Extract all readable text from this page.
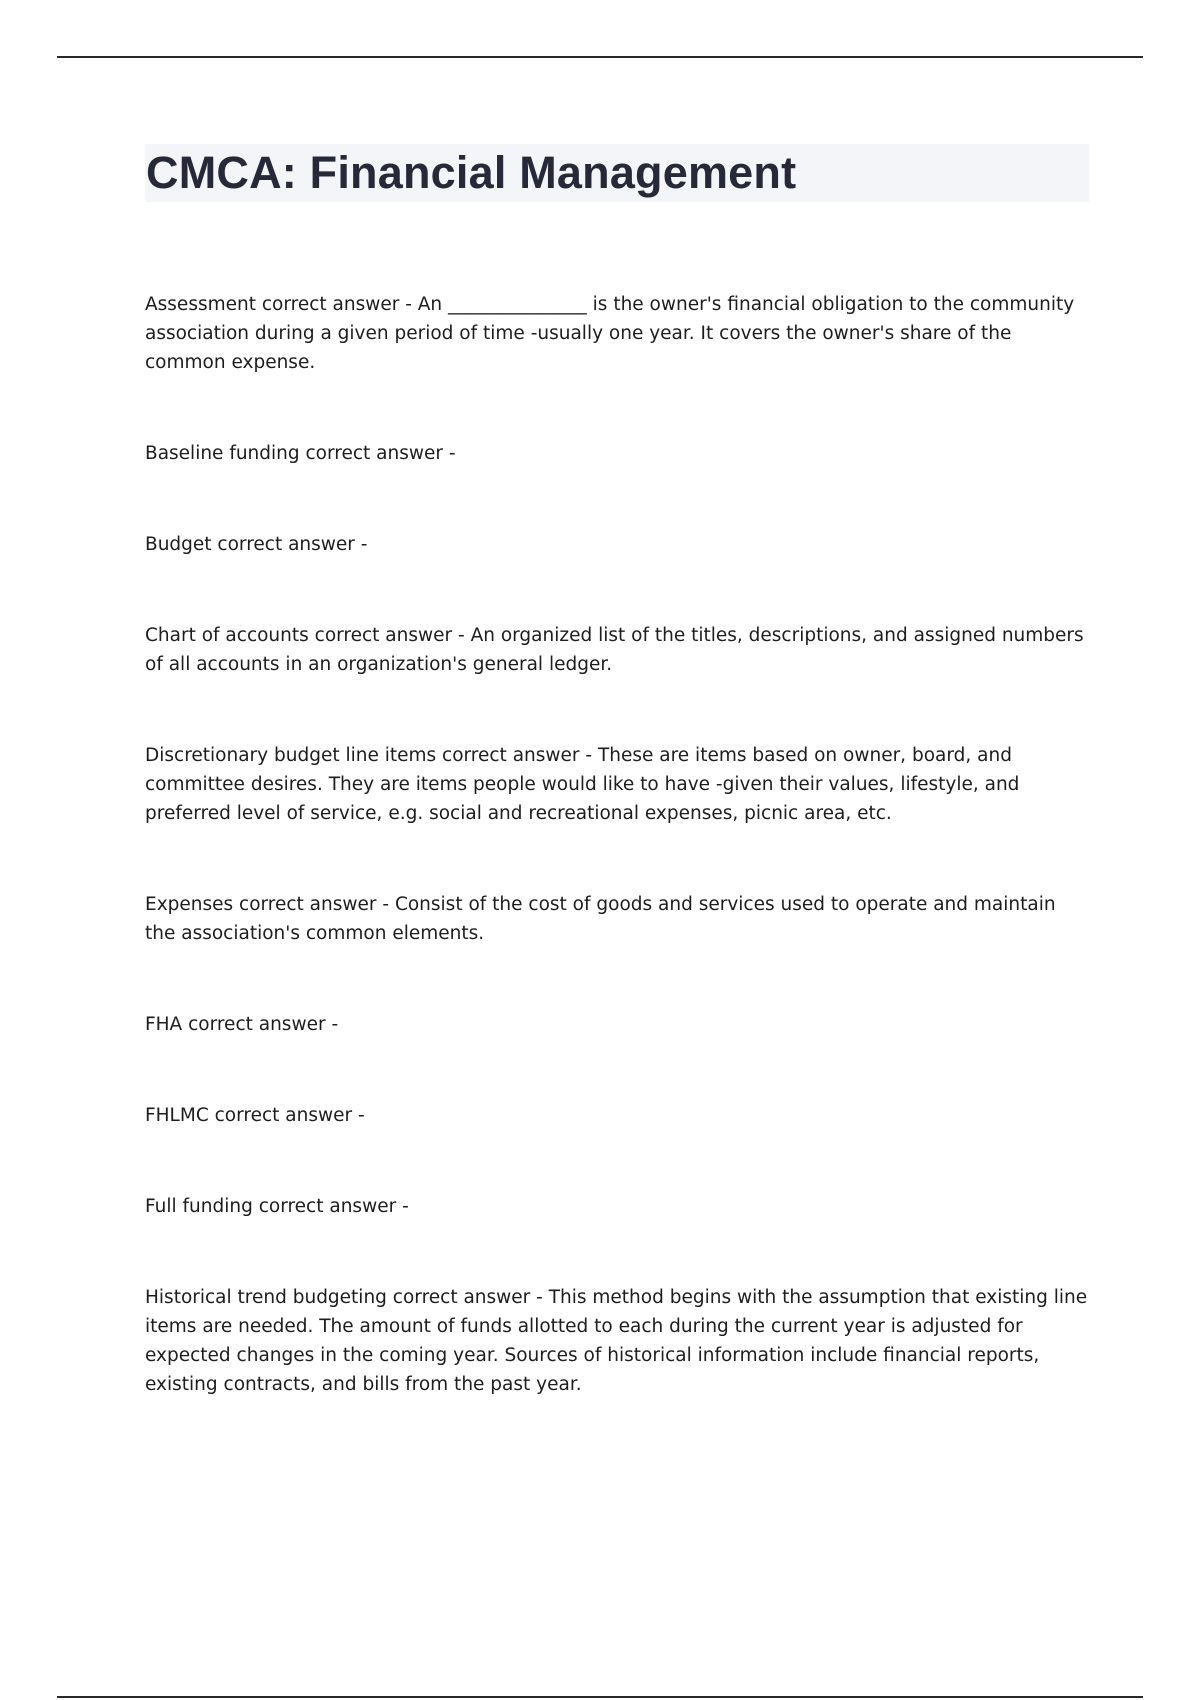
CMCA: Financial Management
Assessment correct answer - An _______________ is the owner's financial obligation to the community association during a given period of time -usually one year. It covers the owner's share of the common expense.
Baseline funding correct answer -
Budget correct answer -
Chart of accounts correct answer - An organized list of the titles, descriptions, and assigned numbers of all accounts in an organization's general ledger.
Discretionary budget line items correct answer - These are items based on owner, board, and committee desires. They are items people would like to have -given their values, lifestyle, and preferred level of service, e.g. social and recreational expenses, picnic area, etc.
Expenses correct answer - Consist of the cost of goods and services used to operate and maintain the association's common elements.
FHA correct answer -
FHLMC correct answer -
Full funding correct answer -
Historical trend budgeting correct answer - This method begins with the assumption that existing line items are needed. The amount of funds allotted to each during the current year is adjusted for expected changes in the coming year. Sources of historical information include financial reports, existing contracts, and bills from the past year.
